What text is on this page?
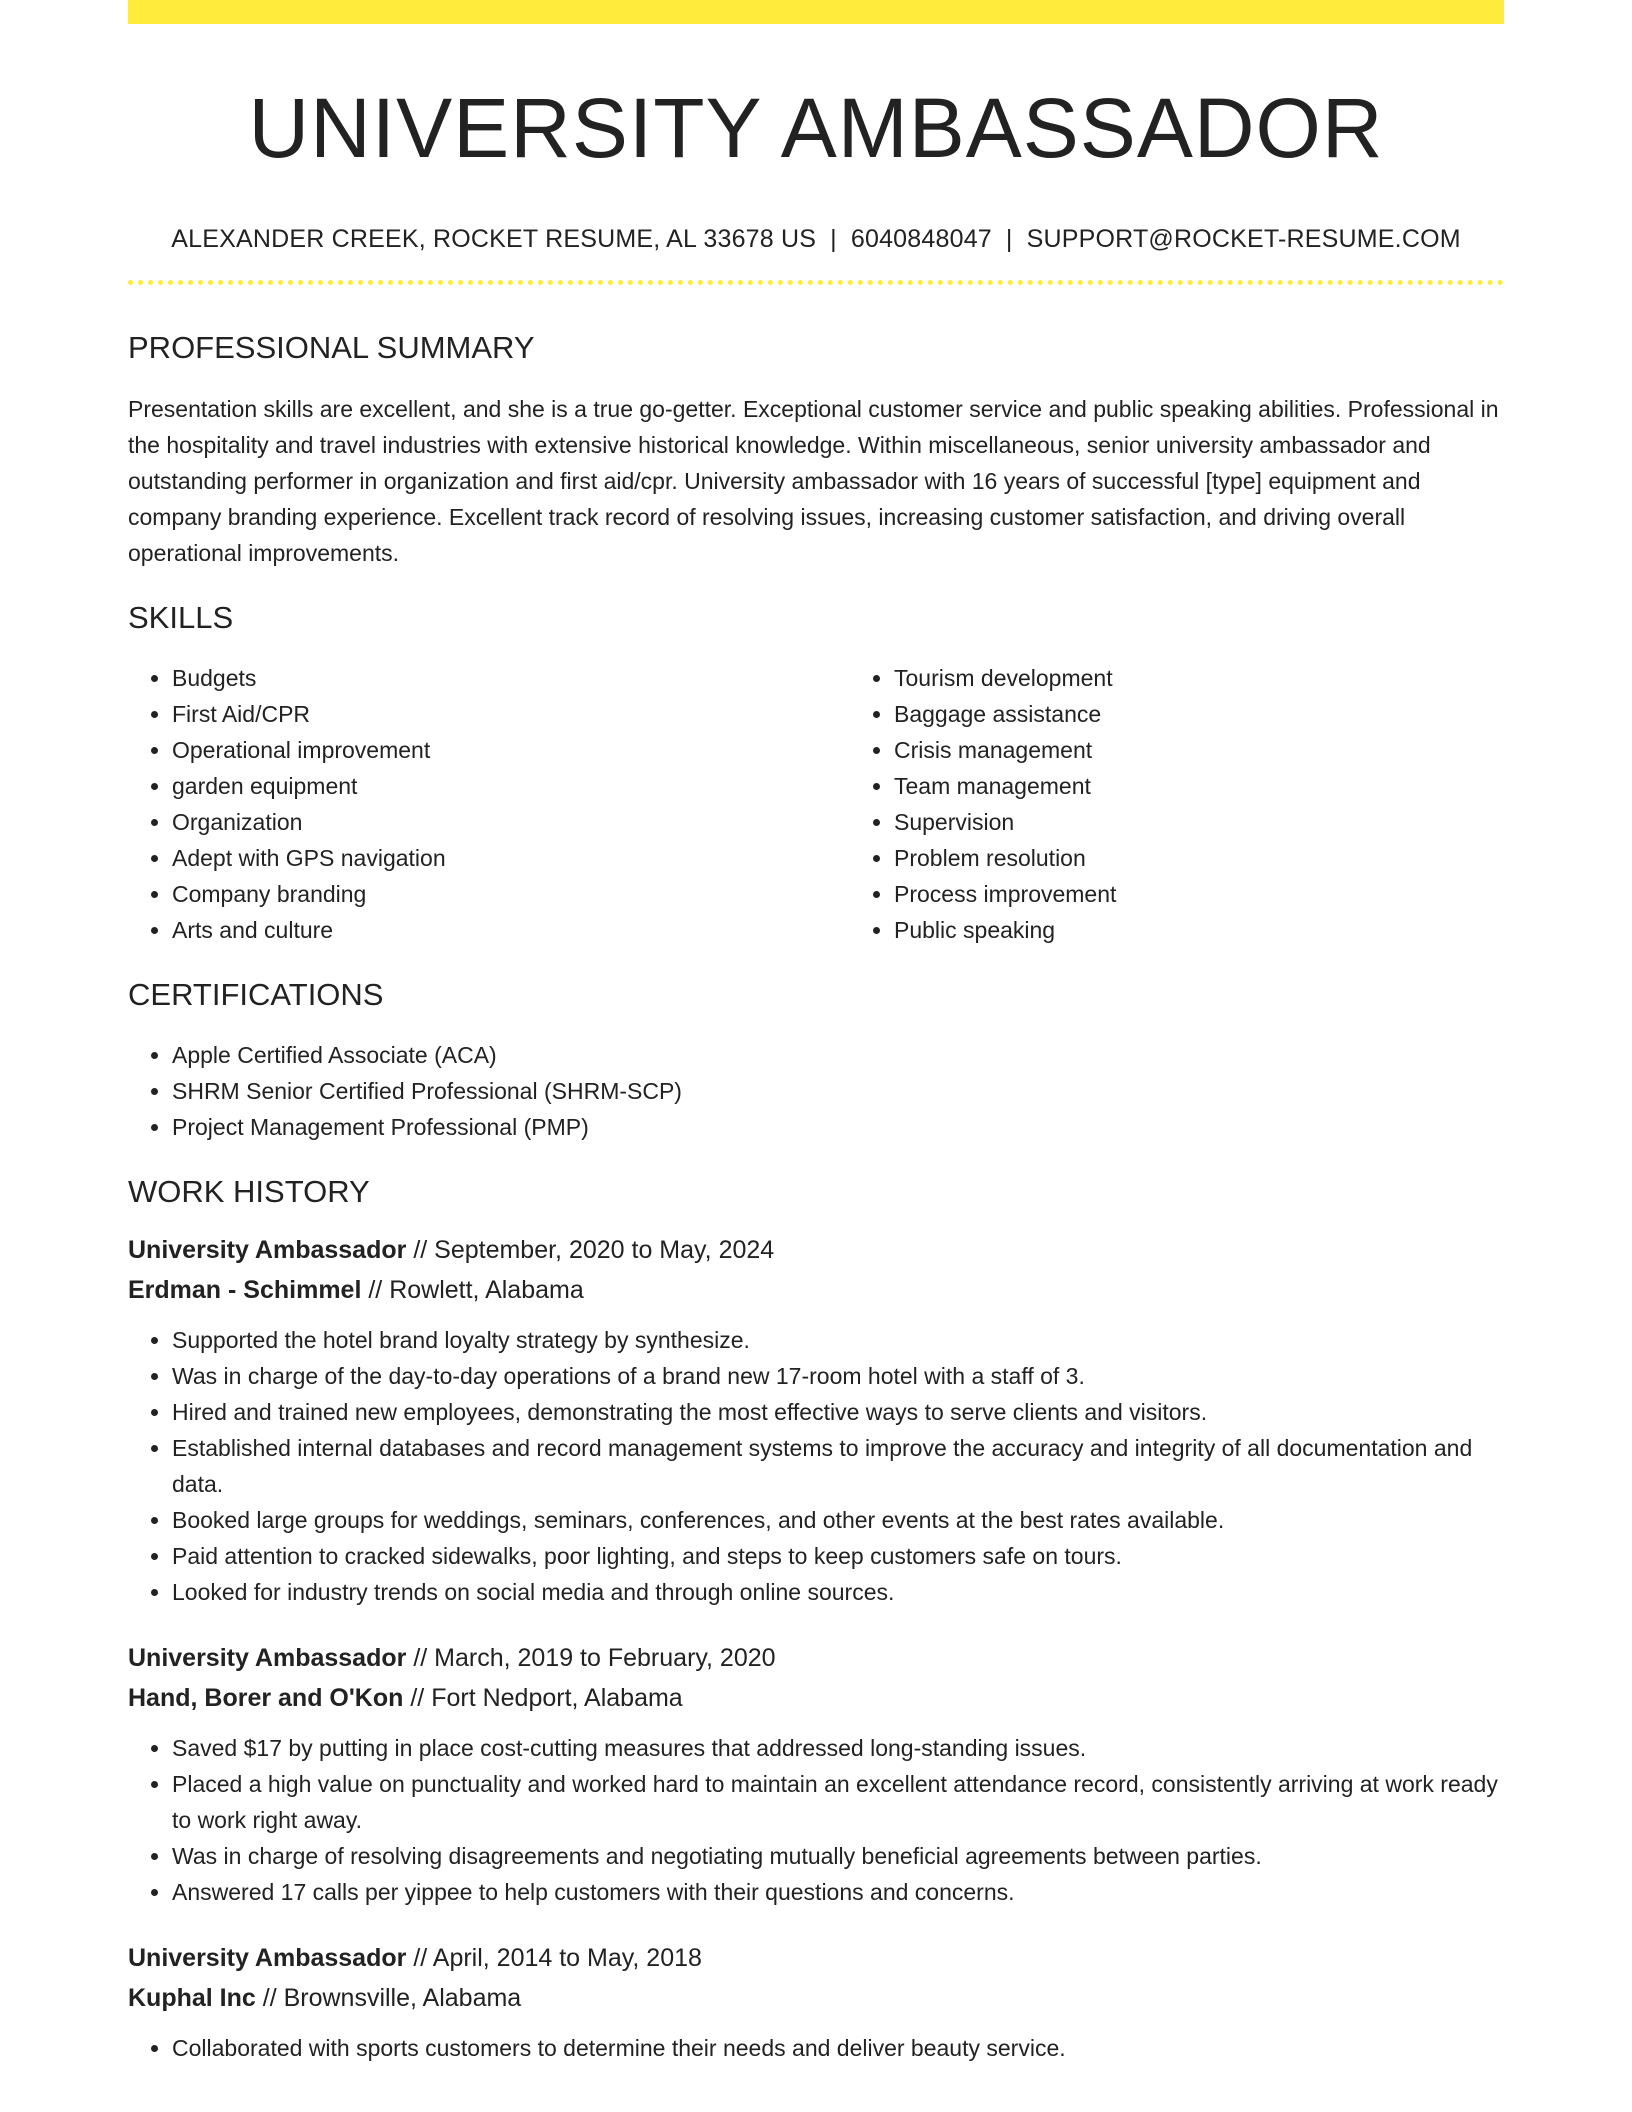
UNIVERSITY AMBASSADOR
ALEXANDER CREEK, ROCKET RESUME, AL 33678 US | 6040848047 | SUPPORT@ROCKET-RESUME.COM
PROFESSIONAL SUMMARY

Presentation skills are excellent, and she is a true go-getter. Exceptional customer service and public speaking abilities. Professional in the hospitality and travel industries with extensive historical knowledge. Within miscellaneous, senior university ambassador and outstanding performer in organization and first aid/cpr. University ambassador with 16 years of successful [type] equipment and company branding experience. Excellent track record of resolving issues, increasing customer satisfaction, and driving overall operational improvements.

SKILLS
• Budgets
• First Aid/CPR
• Operational improvement
• garden equipment
• Organization
• Adept with GPS navigation
• Company branding
• Arts and culture
• Tourism development
• Baggage assistance
• Crisis management
• Team management
• Supervision
• Problem resolution
• Process improvement
• Public speaking
CERTIFICATIONS
• Apple Certified Associate (ACA)
• SHRM Senior Certified Professional (SHRM-SCP)
• Project Management Professional (PMP)
WORK HISTORY
University Ambassador // September, 2020 to May, 2024
Erdman - Schimmel // Rowlett, Alabama
• Supported the hotel brand loyalty strategy by synthesize.
• Was in charge of the day-to-day operations of a brand new 17-room hotel with a staff of 3.
• Hired and trained new employees, demonstrating the most effective ways to serve clients and visitors.
• Established internal databases and record management systems to improve the accuracy and integrity of all documentation and data.
• Booked large groups for weddings, seminars, conferences, and other events at the best rates available.
• Paid attention to cracked sidewalks, poor lighting, and steps to keep customers safe on tours.
• Looked for industry trends on social media and through online sources.
University Ambassador // March, 2019 to February, 2020
Hand, Borer and O'Kon // Fort Nedport, Alabama
• Saved $17 by putting in place cost-cutting measures that addressed long-standing issues.
• Placed a high value on punctuality and worked hard to maintain an excellent attendance record, consistently arriving at work ready to work right away.
• Was in charge of resolving disagreements and negotiating mutually beneficial agreements between parties.
• Answered 17 calls per yippee to help customers with their questions and concerns.
University Ambassador // April, 2014 to May, 2018
Kuphal Inc // Brownsville, Alabama
• Collaborated with sports customers to determine their needs and deliver beauty service.
